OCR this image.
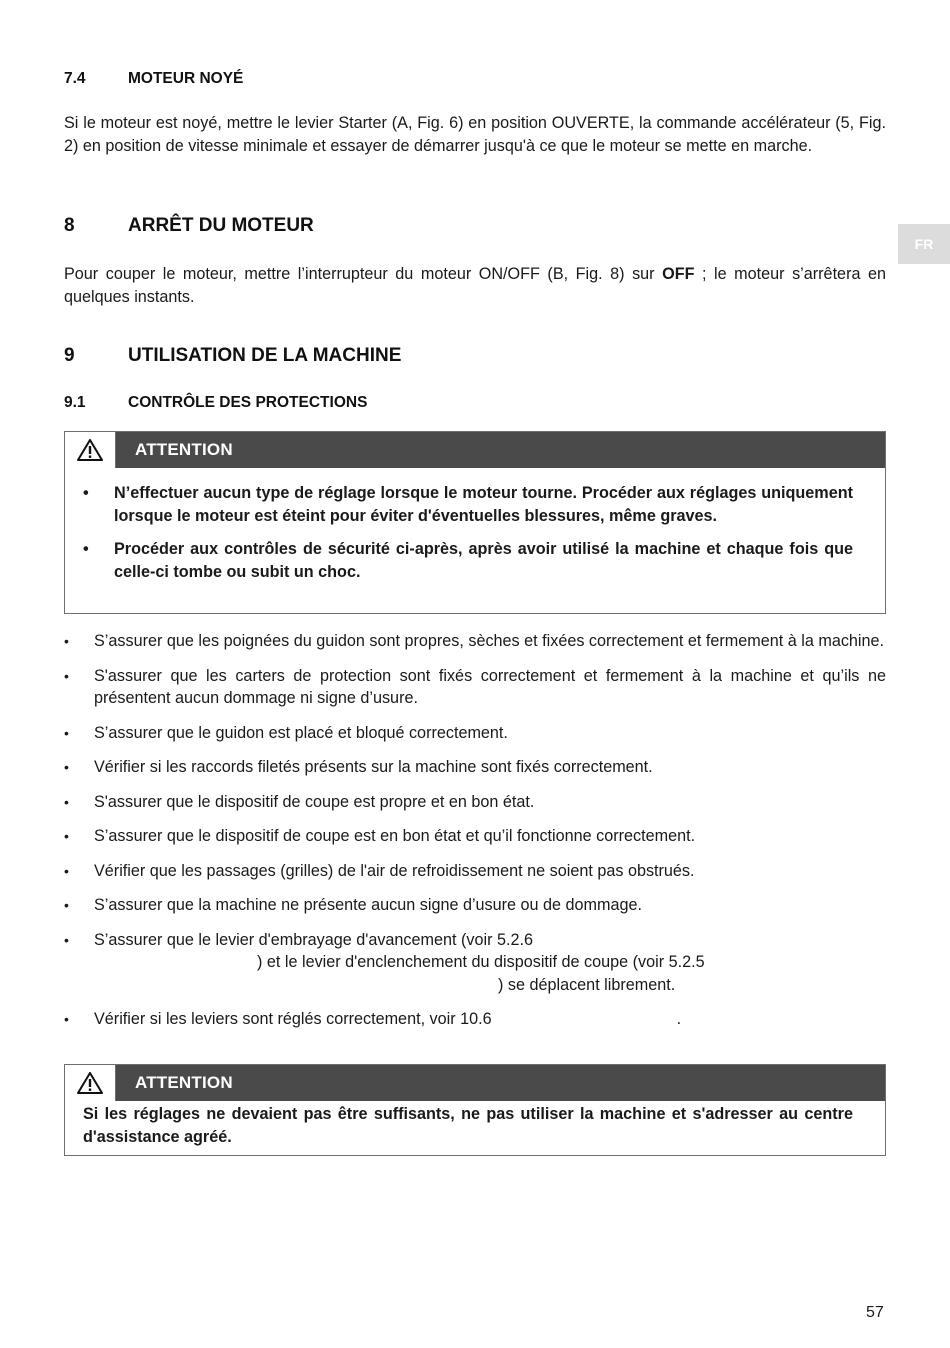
FR
7.4	MOTEUR NOYÉ
Si le moteur est noyé, mettre le levier Starter (A, Fig. 6) en position OUVERTE, la commande accélérateur (5, Fig. 2) en position de vitesse minimale et essayer de démarrer jusqu'à ce que le moteur se mette en marche.
8	ARRÊT DU MOTEUR
Pour couper le moteur, mettre l’interrupteur du moteur ON/OFF (B, Fig. 8) sur OFF ; le moteur s’arrêtera en quelques instants.
9	UTILISATION DE LA MACHINE
9.1	CONTRÔLE DES PROTECTIONS
ATTENTION
• N’effectuer aucun type de réglage lorsque le moteur tourne. Procéder aux réglages uniquement lorsque le moteur est éteint pour éviter d'éventuelles blessures, même graves.
• Procéder aux contrôles de sécurité ci-après, après avoir utilisé la machine et chaque fois que celle-ci tombe ou subit un choc.
• S’assurer que les poignées du guidon sont propres, sèches et fixées correctement et fermement à la machine.
• S'assurer que les carters de protection sont fixés correctement et fermement à la machine et qu’ils ne présentent aucun dommage ni signe d’usure.
• S’assurer que le guidon est placé et bloqué correctement.
• Vérifier si les raccords filetés présents sur la machine sont fixés correctement.
• S'assurer que le dispositif de coupe est propre et en bon état.
• S’assurer que le dispositif de coupe est en bon état et qu’il fonctionne correctement.
• Vérifier que les passages (grilles) de l'air de refroidissement ne soient pas obstrués.
• S’assurer que la machine ne présente aucun signe d’usure ou de dommage.
• S’assurer que le levier d'embrayage d'avancement (voir 5.2.6
) et le levier d'enclenchement du dispositif de coupe (voir 5.2.5
) se déplacent librement.
• Vérifier si les leviers sont réglés correctement, voir 10.6	.
ATTENTION
Si les réglages ne devaient pas être suffisants, ne pas utiliser la machine et s'adresser au centre d'assistance agréé.
57
